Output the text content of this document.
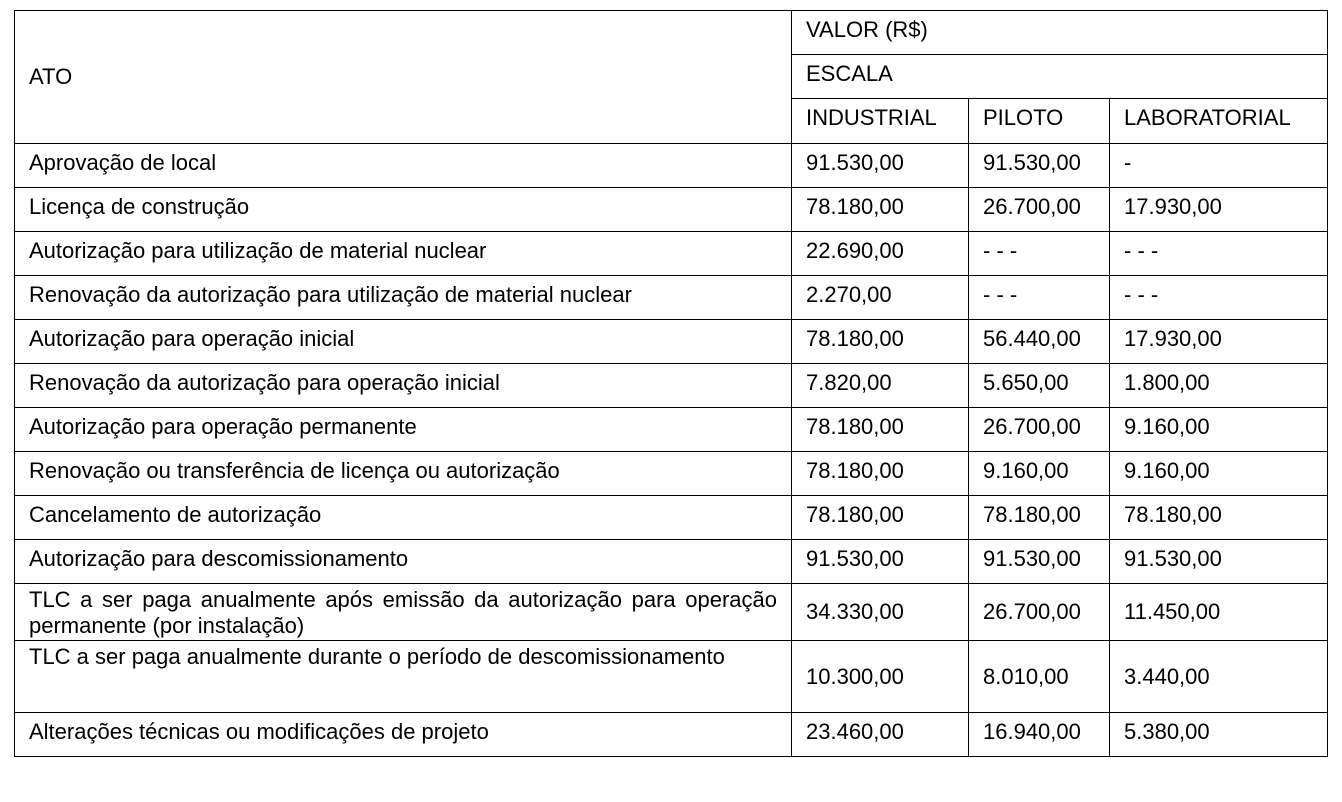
ATO	VALOR (R$)		
	ESCALA		
	INDUSTRIAL	PILOTO	LABORATORIAL
Aprovação de local	91.530,00	91.530,00	-
Licença de construção	78.180,00	26.700,00	17.930,00
Autorização para utilização de material nuclear	22.690,00	- - -	- - -
Renovação da autorização para utilização de material nuclear	2.270,00	- - -	- - -
Autorização para operação inicial	78.180,00	56.440,00	17.930,00
Renovação da autorização para operação inicial	7.820,00	5.650,00	1.800,00
Autorização para operação permanente	78.180,00	26.700,00	9.160,00
Renovação ou transferência de licença ou autorização	78.180,00	9.160,00	9.160,00
Cancelamento de autorização	78.180,00	78.180,00	78.180,00
Autorização para descomissionamento	91.530,00	91.530,00	91.530,00
TLC a ser paga anualmente após emissão da autorização para operação permanente (por instalação)	34.330,00	26.700,00	11.450,00
TLC a ser paga anualmente durante o período de descomissionamento	10.300,00	8.010,00	3.440,00
Alterações técnicas ou modificações de projeto	23.460,00	16.940,00	5.380,00
